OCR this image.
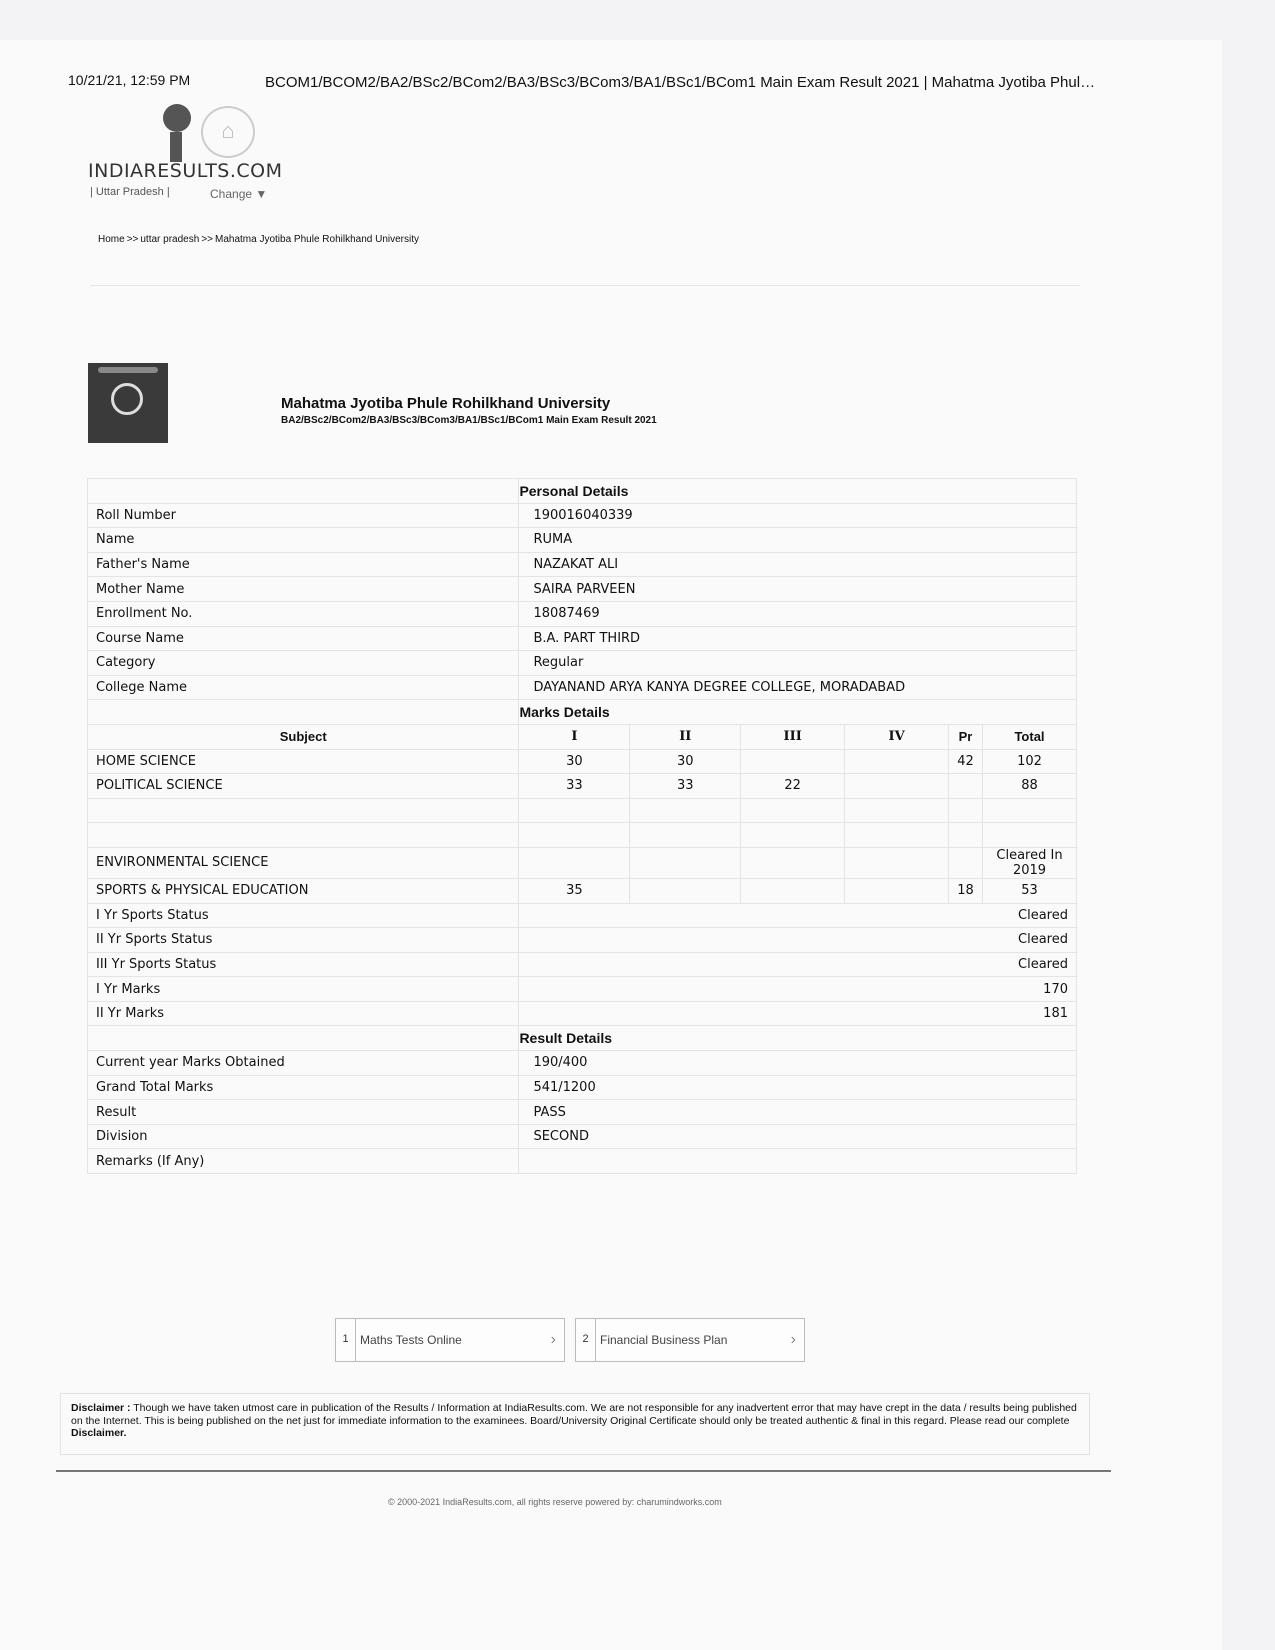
10/21/21, 12:59 PM	BCOM1/BCOM2/BA2/BSc2/BCom2/BA3/BSc3/BCom3/BA1/BSc1/BCom1 Main Exam Result 2021 | Mahatma Jyotiba Phul…
⌂
INDIARESULTS.COM
| Uttar Pradesh |	Change ▼
Home >> uttar pradesh >> Mahatma Jyotiba Phule Rohilkhand University
Mahatma Jyotiba Phule Rohilkhand University
BA2/BSc2/BCom2/BA3/BSc3/BCom3/BA1/BSc1/BCom1 Main Exam Result 2021
	Personal Details					
Roll Number	190016040339					
Name	RUMA					
Father's Name	NAZAKAT ALI					
Mother Name	SAIRA PARVEEN					
Enrollment No.	18087469					
Course Name	B.A. PART THIRD					
Category	Regular					
College Name	DAYANAND ARYA KANYA DEGREE COLLEGE, MORADABAD					
	Marks Details					
Subject	I	II	III	IV	Pr	Total
HOME SCIENCE	30	30			42	102
POLITICAL SCIENCE	33	33	22			88

ENVIRONMENTAL SCIENCE						Cleared In 2019
SPORTS & PHYSICAL EDUCATION	35				18	53
I Yr Sports Status	Cleared					
II Yr Sports Status	Cleared					
III Yr Sports Status	Cleared					
I Yr Marks	170					
II Yr Marks	181					
	Result Details					
Current year Marks Obtained	190/400					
Grand Total Marks	541/1200					
Result	PASS					
Division	SECOND					
Remarks (If Any)						
1 Maths Tests Online	›	2 Financial Business Plan	›
Disclaimer : Though we have taken utmost care in publication of the Results / Information at IndiaResults.com. We are not responsible for any inadvertent error that may have crept in the data / results being published on the Internet. This is being published on the net just for immediate information to the examinees. Board/University Original Certificate should only be treated authentic & final in this regard. Please read our complete Disclaimer.
© 2000-2021 IndiaResults.com, all rights reserve powered by: charumindworks.com
